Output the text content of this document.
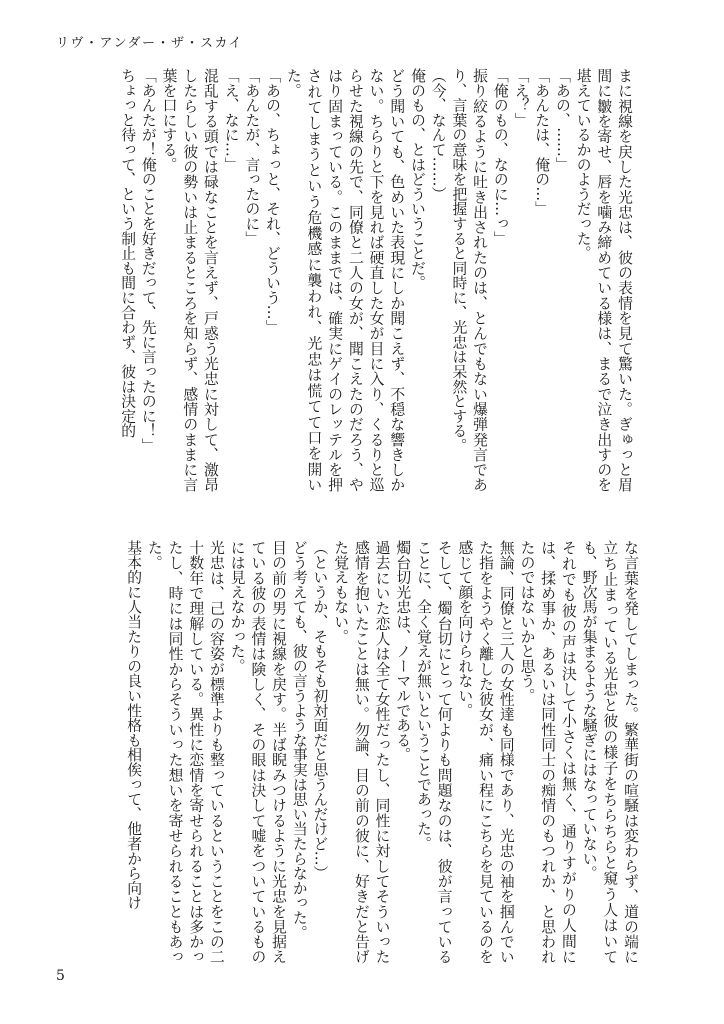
リヴ・アンダー・ザ・スカイ

まに視線を戻した光忠は、彼の表情を見て驚いた。ぎゅっと眉間に皺を寄せ、唇を噛み締めている様は、まるで泣き出すのを堪えているかのようだった。

「あの、……」

「あんたは、俺の…」

「え？」

「俺のもの、なのに…っ」

振り絞るように吐き出されたのは、とんでもない爆弾発言であり、言葉の意味を把握すると同時に、光忠は呆然とする。

（今、なんて……）

俺のもの、とはどういうことだ。

どう聞いても、色めいた表現にしか聞こえず、不穏な響きしかない。ちらりと下を見れば硬直した女が目に入り、くるりと巡らせた視線の先で、同僚と二人の女が、聞こえたのだろう、やはり固まっている。このままでは、確実にゲイのレッテルを押されてしまうという危機感に襲われ、光忠は慌てて口を開いた。

「あの、ちょっと、それ、どういう…」

「あんたが、言ったのに」

「え、なに…」

混乱する頭では碌なことを言えず、戸惑う光忠に対して、激昂したらしい彼の勢いは止まるところを知らず、感情のままに言葉を口にする。

「あんたが！俺のことを好きだって、先に言ったのに！」

ちょっと待って、という制止も間に合わず、彼は決定的

な言葉を発してしまった。繁華街の喧騒は変わらず、道の端に立ち止まっている光忠と彼の様子をちらちらと窺う人はいても、野次馬が集まるような騒ぎにはなっていない。

それでも彼の声は決して小さくは無く、通りすがりの人間には、揉め事か、あるいは同性同士の痴情のもつれか、と思われたのではないかと思う。

無論、同僚と三人の女性達も同様であり、光忠の袖を掴んでいた指をようやく離した彼女が、痛い程にこちらを見ているのを感じて顔を向けられない。

そして、燭台切にとって何よりも問題なのは、彼が言っていることに、全く覚えが無いということであった。

燭台切光忠は、ノーマルである。

過去にいた恋人は全て女性だったし、同性に対してそういった感情を抱いたことは無い。勿論、目の前の彼に、好きだと告げた覚えもない。

（というか、そもそも初対面だと思うんだけど…）

どう考えても、彼の言うような事実は思い当たらなかった。

目の前の男に視線を戻す。半ば睨みつけるように光忠を見据えている彼の表情は険しく、その眼は決して嘘をついているものには見えなかった。

光忠は、己の容姿が標準よりも整っているということをこの二十数年で理解している。異性に恋情を寄せられることは多かったし、時には同性からそういった想いを寄せられることもあった。

基本的に人当たりの良い性格も相俟って、他者から向け

5
